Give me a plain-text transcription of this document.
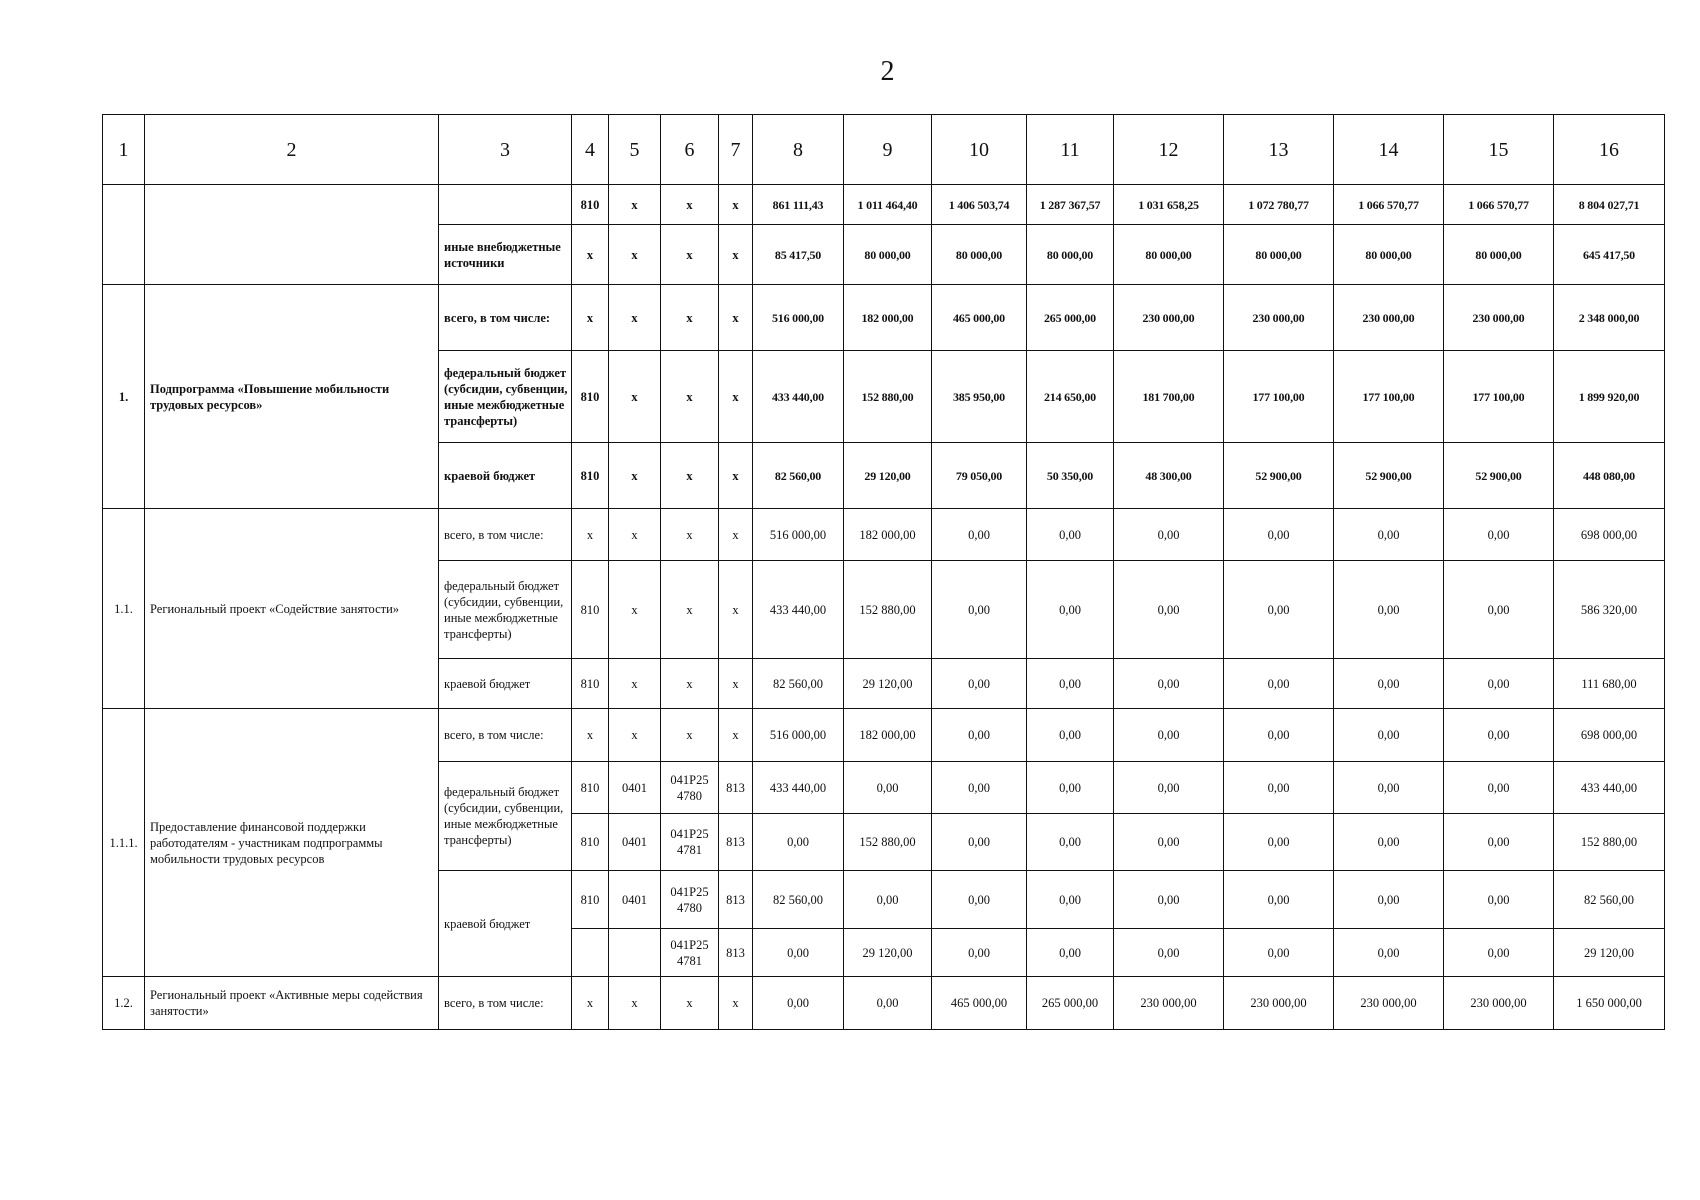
2
1	2	3	4	5	6	7	8	9	10	11	12	13	14	15	16
			810	x	x	x	861 111,43	1 011 464,40	1 406 503,74	1 287 367,57	1 031 658,25	1 072 780,77	1 066 570,77	1 066 570,77	8 804 027,71
		иные внебюджетные источники	x	x	x	x	85 417,50	80 000,00	80 000,00	80 000,00	80 000,00	80 000,00	80 000,00	80 000,00	645 417,50
1.	Подпрограмма «Повышение мобильности трудовых ресурсов»	всего, в том числе:	x	x	x	x	516 000,00	182 000,00	465 000,00	265 000,00	230 000,00	230 000,00	230 000,00	230 000,00	2 348 000,00
		федеральный бюджет (субсидии, субвенции, иные межбюджетные трансферты)	810	x	x	x	433 440,00	152 880,00	385 950,00	214 650,00	181 700,00	177 100,00	177 100,00	177 100,00	1 899 920,00
		краевой бюджет	810	x	x	x	82 560,00	29 120,00	79 050,00	50 350,00	48 300,00	52 900,00	52 900,00	52 900,00	448 080,00
1.1.	Региональный проект «Содействие занятости»	всего, в том числе:	x	x	x	x	516 000,00	182 000,00	0,00	0,00	0,00	0,00	0,00	0,00	698 000,00
		федеральный бюджет (субсидии, субвенции, иные межбюджетные трансферты)	810	x	x	x	433 440,00	152 880,00	0,00	0,00	0,00	0,00	0,00	0,00	586 320,00
		краевой бюджет	810	x	x	x	82 560,00	29 120,00	0,00	0,00	0,00	0,00	0,00	0,00	111 680,00
1.1.1.	Предоставление финансовой поддержки работодателям - участникам подпрограммы мобильности трудовых ресурсов	всего, в том числе:	x	x	x	x	516 000,00	182 000,00	0,00	0,00	0,00	0,00	0,00	0,00	698 000,00
		федеральный бюджет (субсидии, субвенции, иные межбюджетные трансферты)	810	0401	041P25 4780	813	433 440,00	0,00	0,00	0,00	0,00	0,00	0,00	0,00	433 440,00
			810	0401	041P25 4781	813	0,00	152 880,00	0,00	0,00	0,00	0,00	0,00	0,00	152 880,00
		краевой бюджет	810	0401	041P25 4780	813	82 560,00	0,00	0,00	0,00	0,00	0,00	0,00	0,00	82 560,00
					041P25 4781	813	0,00	29 120,00	0,00	0,00	0,00	0,00	0,00	0,00	29 120,00
1.2.	Региональный проект «Активные меры содействия занятости»	всего, в том числе:	x	x	x	x	0,00	0,00	465 000,00	265 000,00	230 000,00	230 000,00	230 000,00	230 000,00	1 650 000,00
